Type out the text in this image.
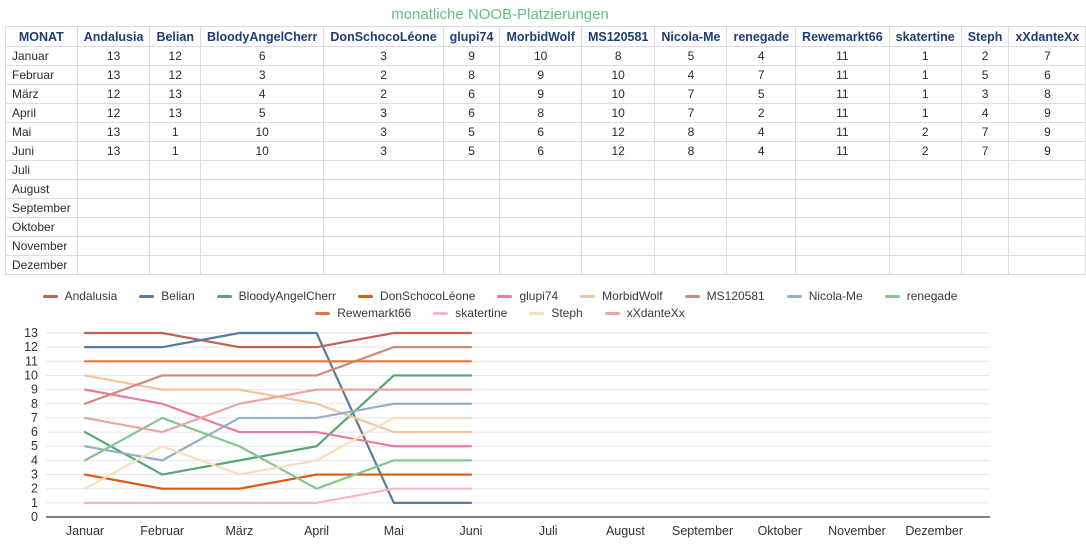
monatliche NOOB-Platzierungen
MONAT	Andalusia	Belian	BloodyAngelCherr	DonSchocoLéone	glupi74	MorbidWolf	MS120581	Nicola-Me	renegade	Rewemarkt66	skatertine	Steph	xXdanteXx
Januar	13	12	6	3	9	10	8	5	4	11	1	2	7
Februar	13	12	3	2	8	9	10	4	7	11	1	5	6
März	12	13	4	2	6	9	10	7	5	11	1	3	8
April	12	13	5	3	6	8	10	7	2	11	1	4	9
Mai	13	1	10	3	5	6	12	8	4	11	2	7	9
Juni	13	1	10	3	5	6	12	8	4	11	2	7	9
Juli													
August													
September													
Oktober													
November													
Dezember													
Andalusia	Belian	BloodyAngelCherr	DonSchocoLéone	glupi74	MorbidWolf	MS120581	Nicola-Me	renegade
Rewemarkt66	skatertine	Steph	xXdanteXx
0
1
2
3
4
5
6
7
8
9
10
11
12
13
Januar	Februar	März	April	Mai	Juni	Juli	August September Oktober November Dezember
